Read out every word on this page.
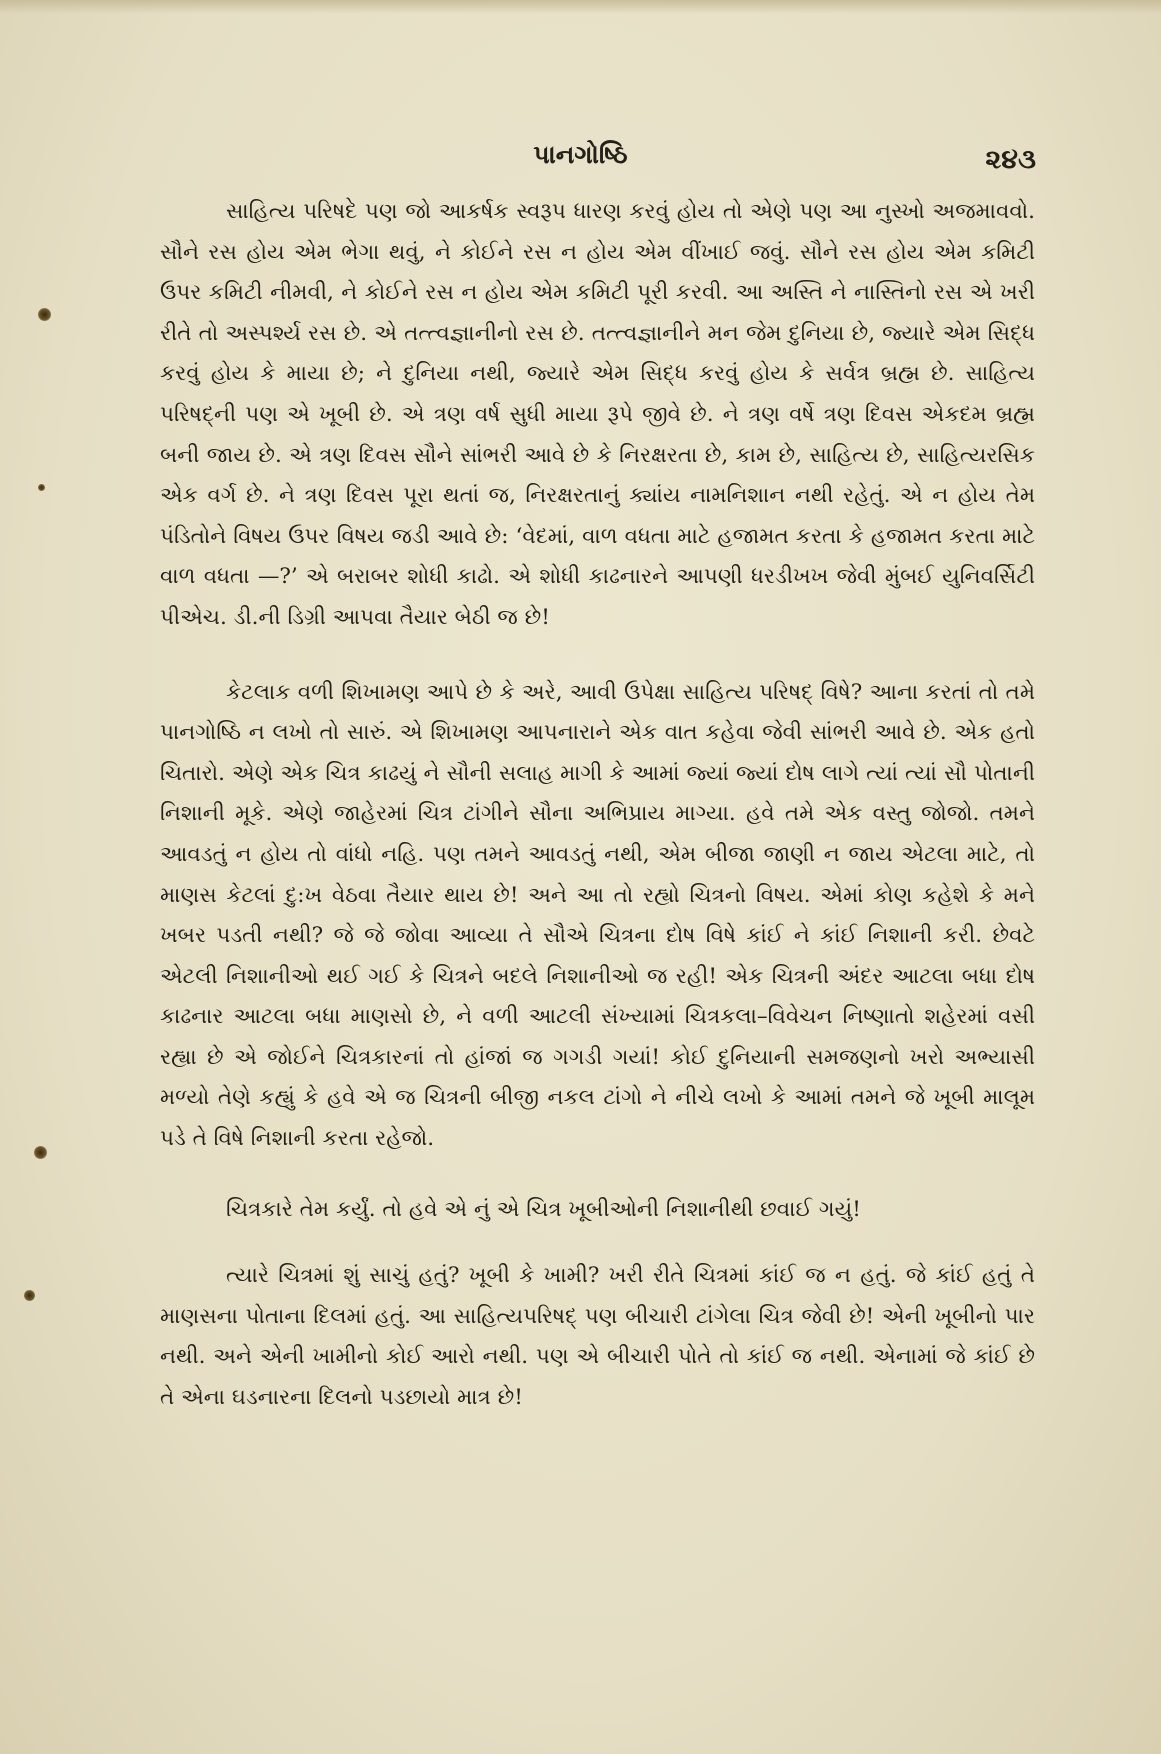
પાનગોષ્ઠિ	૨૪૩

સાહિત્ય પરિષદે પણ જો આકર્ષક સ્વરૂપ ધારણ કરવું હોય તો એણે પણ આ નુસ્ખો અજમાવવો. સૌને રસ હોય એમ ભેગા થવું, ને કોઈને રસ ન હોય એમ વીંખાઈ જવું. સૌને રસ હોય એમ કમિટી ઉપર કમિટી નીમવી, ને કોઈને રસ ન હોય એમ કમિટી પૂરી કરવી. આ અસ્તિ ને નાસ્તિનો રસ એ ખરી રીતે તો અસ્પર્શ્ય રસ છે. એ તત્ત્વજ્ઞાનીનો રસ છે. તત્ત્વજ્ઞાનીને મન જેમ દુનિયા છે, જ્યારે એમ સિદ્ધ કરવું હોય કે માયા છે; ને દુનિયા નથી, જ્યારે એમ સિદ્ધ કરવું હોય કે સર્વત્ર બ્રહ્મ છે. સાહિત્ય પરિષદ્‌ની પણ એ ખૂબી છે. એ ત્રણ વર્ષ સુધી માયા રૂપે જીવે છે. ને ત્રણ વર્ષે ત્રણ દિવસ એકદમ બ્રહ્મ બની જાય છે. એ ત્રણ દિવસ સૌને સાંભરી આવે છે કે નિરક્ષરતા છે, કામ છે, સાહિત્ય છે, સાહિત્યરસિક એક વર્ગ છે. ને ત્રણ દિવસ પૂરા થતાં જ, નિરક્ષરતાનું ક્યાંય નામનિશાન નથી રહેતું. એ ન હોય તેમ પંડિતોને વિષય ઉપર વિષય જડી આવે છે: ‘વેદમાં, વાળ વધતા માટે હજામત કરતા કે હજામત કરતા માટે વાળ વધતા —?’ એ બરાબર શોધી કાઢો. એ શોધી કાઢનારને આપણી ધરડીખખ જેવી મુંબઈ યુનિવર્સિટી પીએચ. ડી.ની ડિગ્રી આપવા તૈયાર બેઠી જ છે!

કેટલાક વળી શિખામણ આપે છે કે અરે, આવી ઉપેક્ષા સાહિત્ય પરિષદ્ વિષે? આના કરતાં તો તમે પાનગોષ્ઠિ ન લખો તો સારું. એ શિખામણ આપનારાને એક વાત કહેવા જેવી સાંભરી આવે છે. એક હતો ચિતારો. એણે એક ચિત્ર કાઢયું ને સૌની સલાહ માગી કે આમાં જ્યાં જ્યાં દોષ લાગે ત્યાં ત્યાં સૌ પોતાની નિશાની મૂકે. એણે જાહેરમાં ચિત્ર ટાંગીને સૌના અભિપ્રાય માગ્યા. હવે તમે એક વસ્તુ જોજો. તમને આવડતું ન હોય તો વાંધો નહિ. પણ તમને આવડતું નથી, એમ બીજા જાણી ન જાય એટલા માટે, તો માણસ કેટલાં દુ:ખ વેઠવા તૈયાર થાય છે! અને આ તો રહ્યો ચિત્રનો વિષય. એમાં કોણ કહેશે કે મને ખબર પડતી નથી? જે જે જોવા આવ્યા તે સૌએ ચિત્રના દોષ વિષે કાંઈ ને કાંઈ નિશાની કરી. છેવટે એટલી નિશાનીઓ થઈ ગઈ કે ચિત્રને બદલે નિશાનીઓ જ રહી! એક ચિત્રની અંદર આટલા બધા દોષ કાઢનાર આટલા બધા માણસો છે, ને વળી આટલી સંખ્યામાં ચિત્રકલા–વિવેચન નિષ્ણાતો શહેરમાં વસી રહ્યા છે એ જોઈને ચિત્રકારનાં તો હાંજાં જ ગગડી ગયાં! કોઈ દુનિયાની સમજણનો ખરો અભ્યાસી મળ્યો તેણે કહ્યું કે હવે એ જ ચિત્રની બીજી નકલ ટાંગો ને નીચે લખો કે આમાં તમને જે ખૂબી માલૂમ પડે તે વિષે નિશાની કરતા રહેજો.

ચિત્રકારે તેમ કર્યું. તો હવે એ નું એ ચિત્ર ખૂબીઓની નિશાનીથી છવાઈ ગયું!

ત્યારે ચિત્રમાં શું સાચું હતું? ખૂબી કે ખામી? ખરી રીતે ચિત્રમાં કાંઈ જ ન હતું. જે કાંઈ હતું તે માણસના પોતાના દિલમાં હતું. આ સાહિત્યપરિષદ્ પણ બીચારી ટાંગેલા ચિત્ર જેવી છે! એની ખૂબીનો પાર નથી. અને એની ખામીનો કોઈ આરો નથી. પણ એ બીચારી પોતે તો કાંઈ જ નથી. એનામાં જે કાંઈ છે તે એના ઘડનારના દિલનો પડછાયો માત્ર છે!
